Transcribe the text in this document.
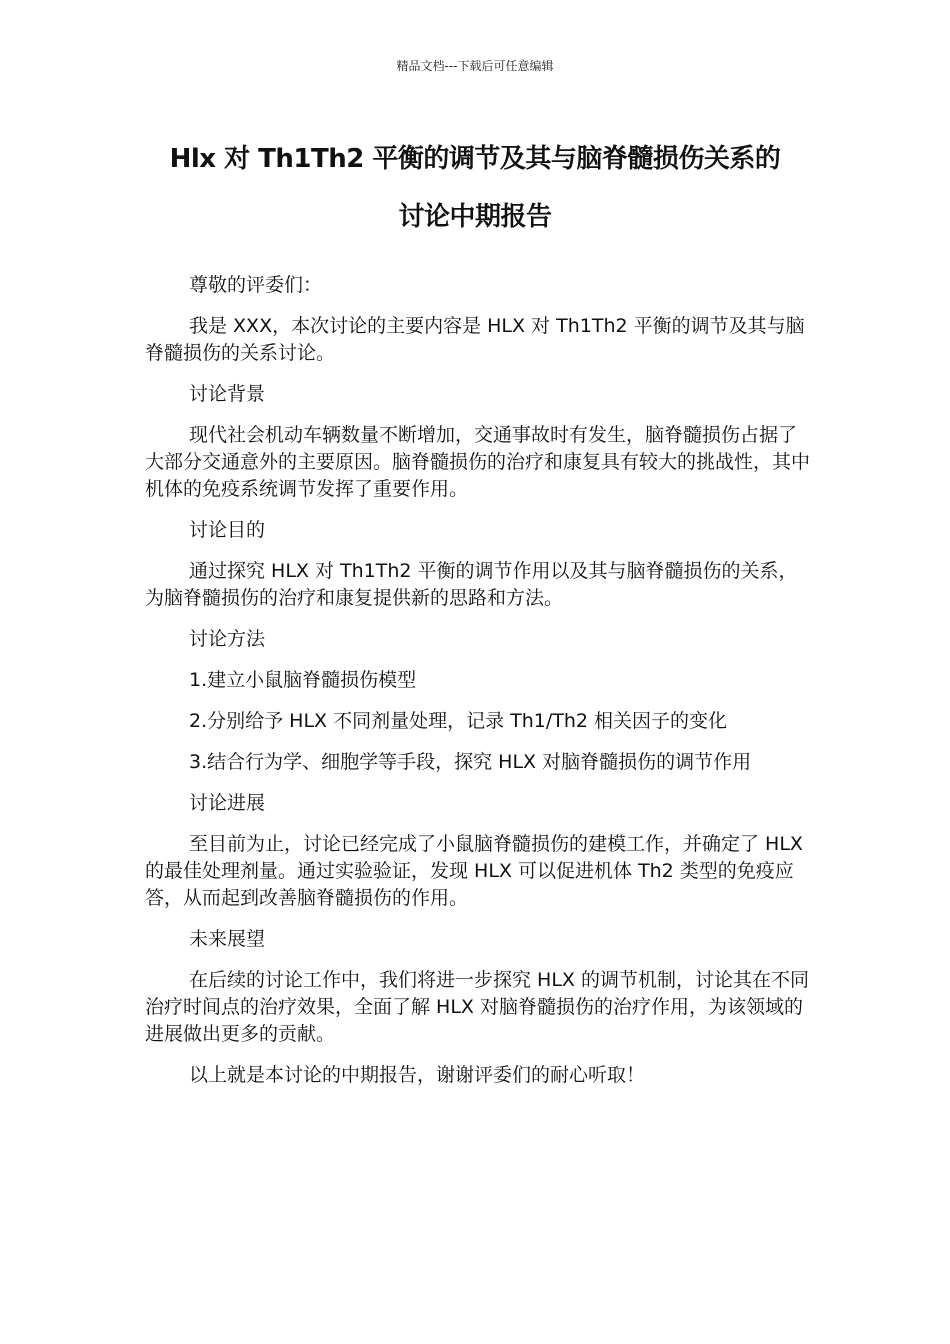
精品文档---下载后可任意编辑
Hlx 对 Th1Th2 平衡的调节及其与脑脊髓损伤关系的
讨论中期报告

尊敬的评委们：

我是 XXX，本次讨论的主要内容是 HLX 对 Th1Th2 平衡的调节及其与脑脊髓损伤的关系讨论。

讨论背景

现代社会机动车辆数量不断增加，交通事故时有发生，脑脊髓损伤占据了大部分交通意外的主要原因。脑脊髓损伤的治疗和康复具有较大的挑战性，其中机体的免疫系统调节发挥了重要作用。

讨论目的

通过探究 HLX 对 Th1Th2 平衡的调节作用以及其与脑脊髓损伤的关系，为脑脊髓损伤的治疗和康复提供新的思路和方法。

讨论方法

1.建立小鼠脑脊髓损伤模型

2.分别给予 HLX 不同剂量处理，记录 Th1/Th2 相关因子的变化

3.结合行为学、细胞学等手段，探究 HLX 对脑脊髓损伤的调节作用

讨论进展

至目前为止，讨论已经完成了小鼠脑脊髓损伤的建模工作，并确定了 HLX 的最佳处理剂量。通过实验验证，发现 HLX 可以促进机体 Th2 类型的免疫应答，从而起到改善脑脊髓损伤的作用。

未来展望

在后续的讨论工作中，我们将进一步探究 HLX 的调节机制，讨论其在不同治疗时间点的治疗效果，全面了解 HLX 对脑脊髓损伤的治疗作用，为该领域的进展做出更多的贡献。

以上就是本讨论的中期报告，谢谢评委们的耐心听取！
